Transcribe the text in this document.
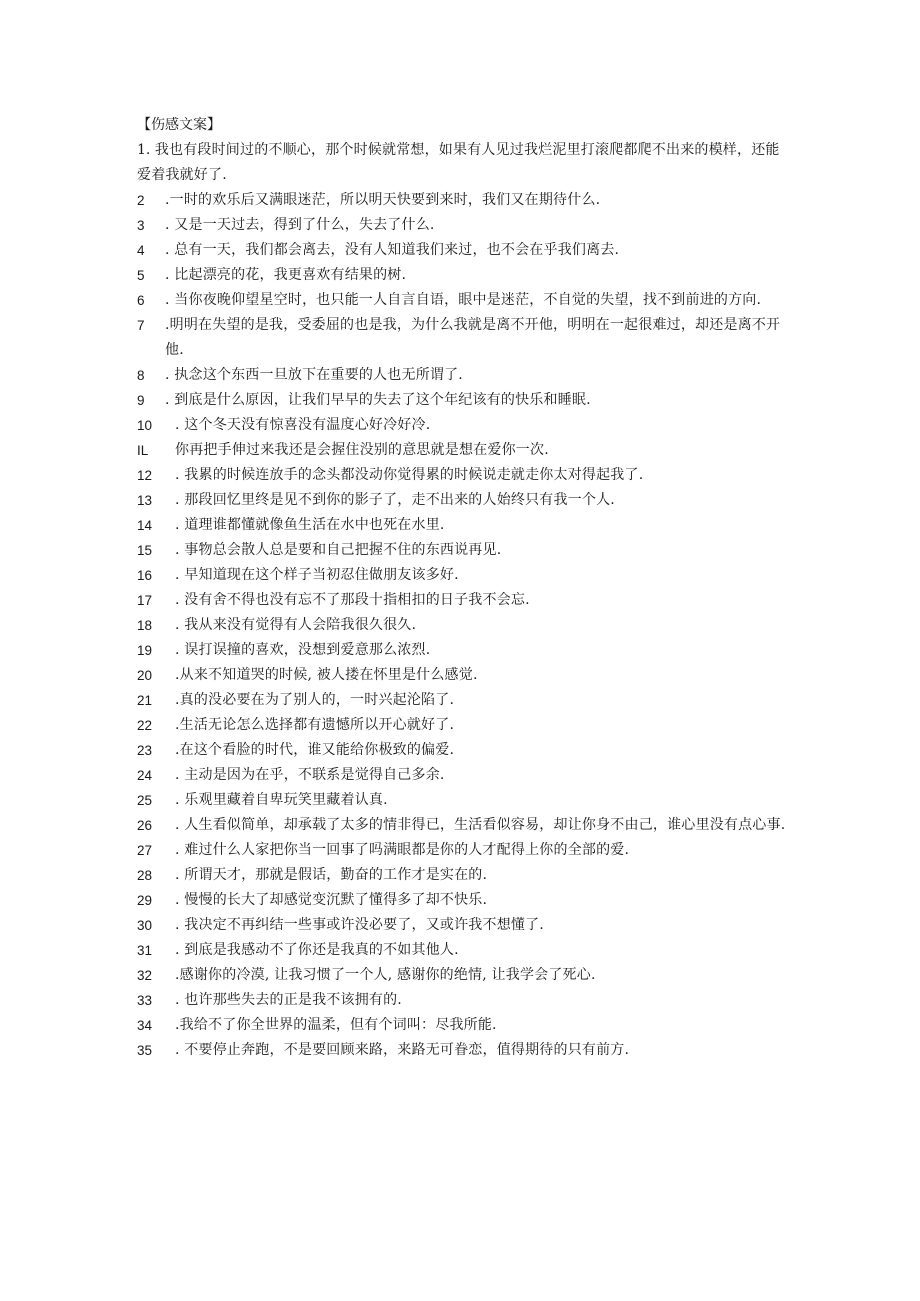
【伤感文案】
1. 我也有段时间过的不顺心，那个时候就常想，如果有人见过我烂泥里打滚爬都爬不出来的模样，还能爱着我就好了.
2	.一时的欢乐后又满眼迷茫，所以明天快要到来时，我们又在期待什么.
3	. 又是一天过去，得到了什么，失去了什么.
4	. 总有一天，我们都会离去，没有人知道我们来过，也不会在乎我们离去.
5	. 比起漂亮的花，我更喜欢有结果的树.
6	. 当你夜晚仰望星空时，也只能一人自言自语，眼中是迷茫，不自觉的失望，找不到前进的方向.
7	.明明在失望的是我，受委屈的也是我，为什么我就是离不开他，明明在一起很难过，却还是离不开他.
8	. 执念这个东西一旦放下在重要的人也无所谓了.
9	. 到底是什么原因，让我们早早的失去了这个年纪该有的快乐和睡眠.
10	. 这个冬天没有惊喜没有温度心好冷好冷.
IL	你再把手伸过来我还是会握住没别的意思就是想在爱你一次.
12	. 我累的时候连放手的念头都没动你觉得累的时候说走就走你太对得起我了.
13	. 那段回忆里终是见不到你的影子了，走不出来的人始终只有我一个人.
14	. 道理谁都懂就像鱼生活在水中也死在水里.
15	. 事物总会散人总是要和自己把握不住的东西说再见.
16	. 早知道现在这个样子当初忍住做朋友该多好.
17	. 没有舍不得也没有忘不了那段十指相扣的日子我不会忘.
18	. 我从来没有觉得有人会陪我很久很久.
19	. 误打误撞的喜欢，没想到爱意那么浓烈.
20	.从来不知道哭的时候, 被人搂在怀里是什么感觉.
21	.真的没必要在为了别人的，一时兴起沦陷了.
22	.生活无论怎么选择都有遗憾所以开心就好了.
23	.在这个看脸的时代，谁又能给你极致的偏爱.
24	. 主动是因为在乎，不联系是觉得自己多余.
25	. 乐观里藏着自卑玩笑里藏着认真.
26	. 人生看似简单，却承载了太多的情非得已，生活看似容易，却让你身不由己，谁心里没有点心事.
27	. 难过什么人家把你当一回事了吗满眼都是你的人才配得上你的全部的爱.
28	. 所谓天才，那就是假话，勤奋的工作才是实在的.
29	. 慢慢的长大了却感觉变沉默了懂得多了却不快乐.
30	. 我决定不再纠结一些事或许没必要了，又或许我不想懂了.
31	. 到底是我感动不了你还是我真的不如其他人.
32	.感谢你的冷漠, 让我习惯了一个人, 感谢你的绝情, 让我学会了死心.
33	. 也许那些失去的正是我不该拥有的.
34	.我给不了你全世界的温柔，但有个词叫：尽我所能.
35	. 不要停止奔跑，不是要回顾来路，来路无可眷恋，值得期待的只有前方.
